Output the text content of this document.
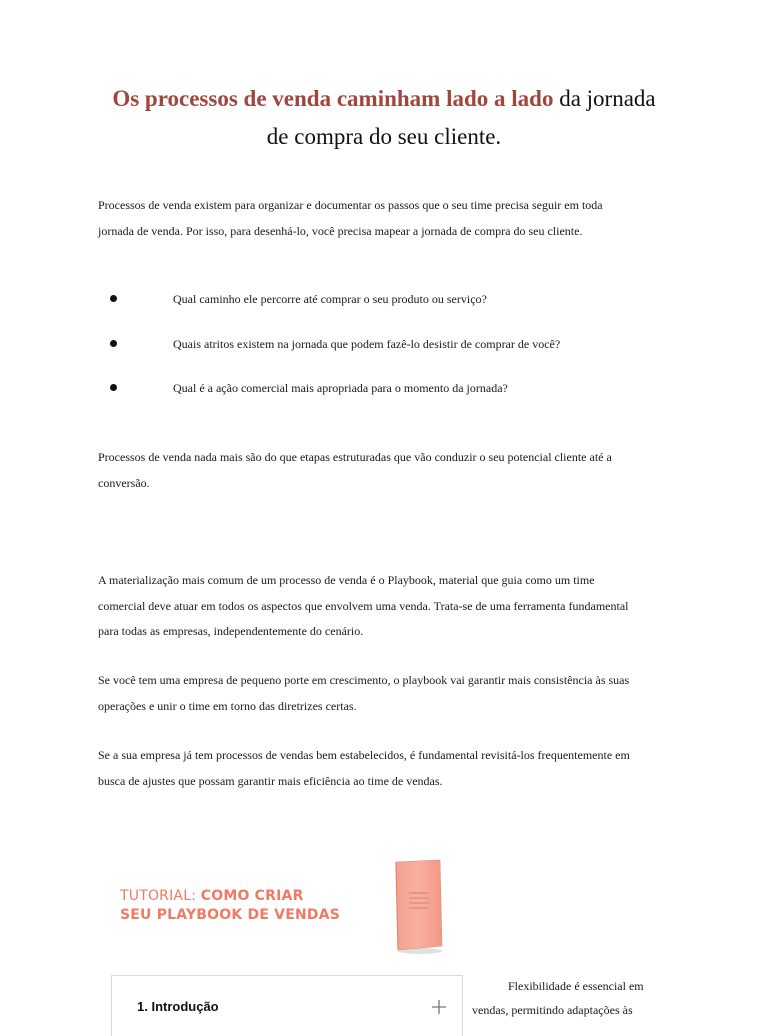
Os processos de venda caminham lado a lado da jornada
de compra do seu cliente.

Processos de venda existem para organizar e documentar os passos que o seu time precisa seguir em toda
jornada de venda. Por isso, para desenhá-lo, você precisa mapear a jornada de compra do seu cliente.

Qual caminho ele percorre até comprar o seu produto ou serviço?
Quais atritos existem na jornada que podem fazê-lo desistir de comprar de você?
Qual é a ação comercial mais apropriada para o momento da jornada?

Processos de venda nada mais são do que etapas estruturadas que vão conduzir o seu potencial cliente até a
conversão.

A materialização mais comum de um processo de venda é o Playbook, material que guia como um time
comercial deve atuar em todos os aspectos que envolvem uma venda. Trata-se de uma ferramenta fundamental
para todas as empresas, independentemente do cenário.

Se você tem uma empresa de pequeno porte em crescimento, o playbook vai garantir mais consistência às suas
operações e unir o time em torno das diretrizes certas.

Se a sua empresa já tem processos de vendas bem estabelecidos, é fundamental revisitá-los frequentemente em
busca de ajustes que possam garantir mais eficiência ao time de vendas.

TUTORIAL: COMO CRIAR
SEU PLAYBOOK DE VENDAS
1. Introdução

Flexibilidade é essencial em
vendas, permitindo adaptações às
